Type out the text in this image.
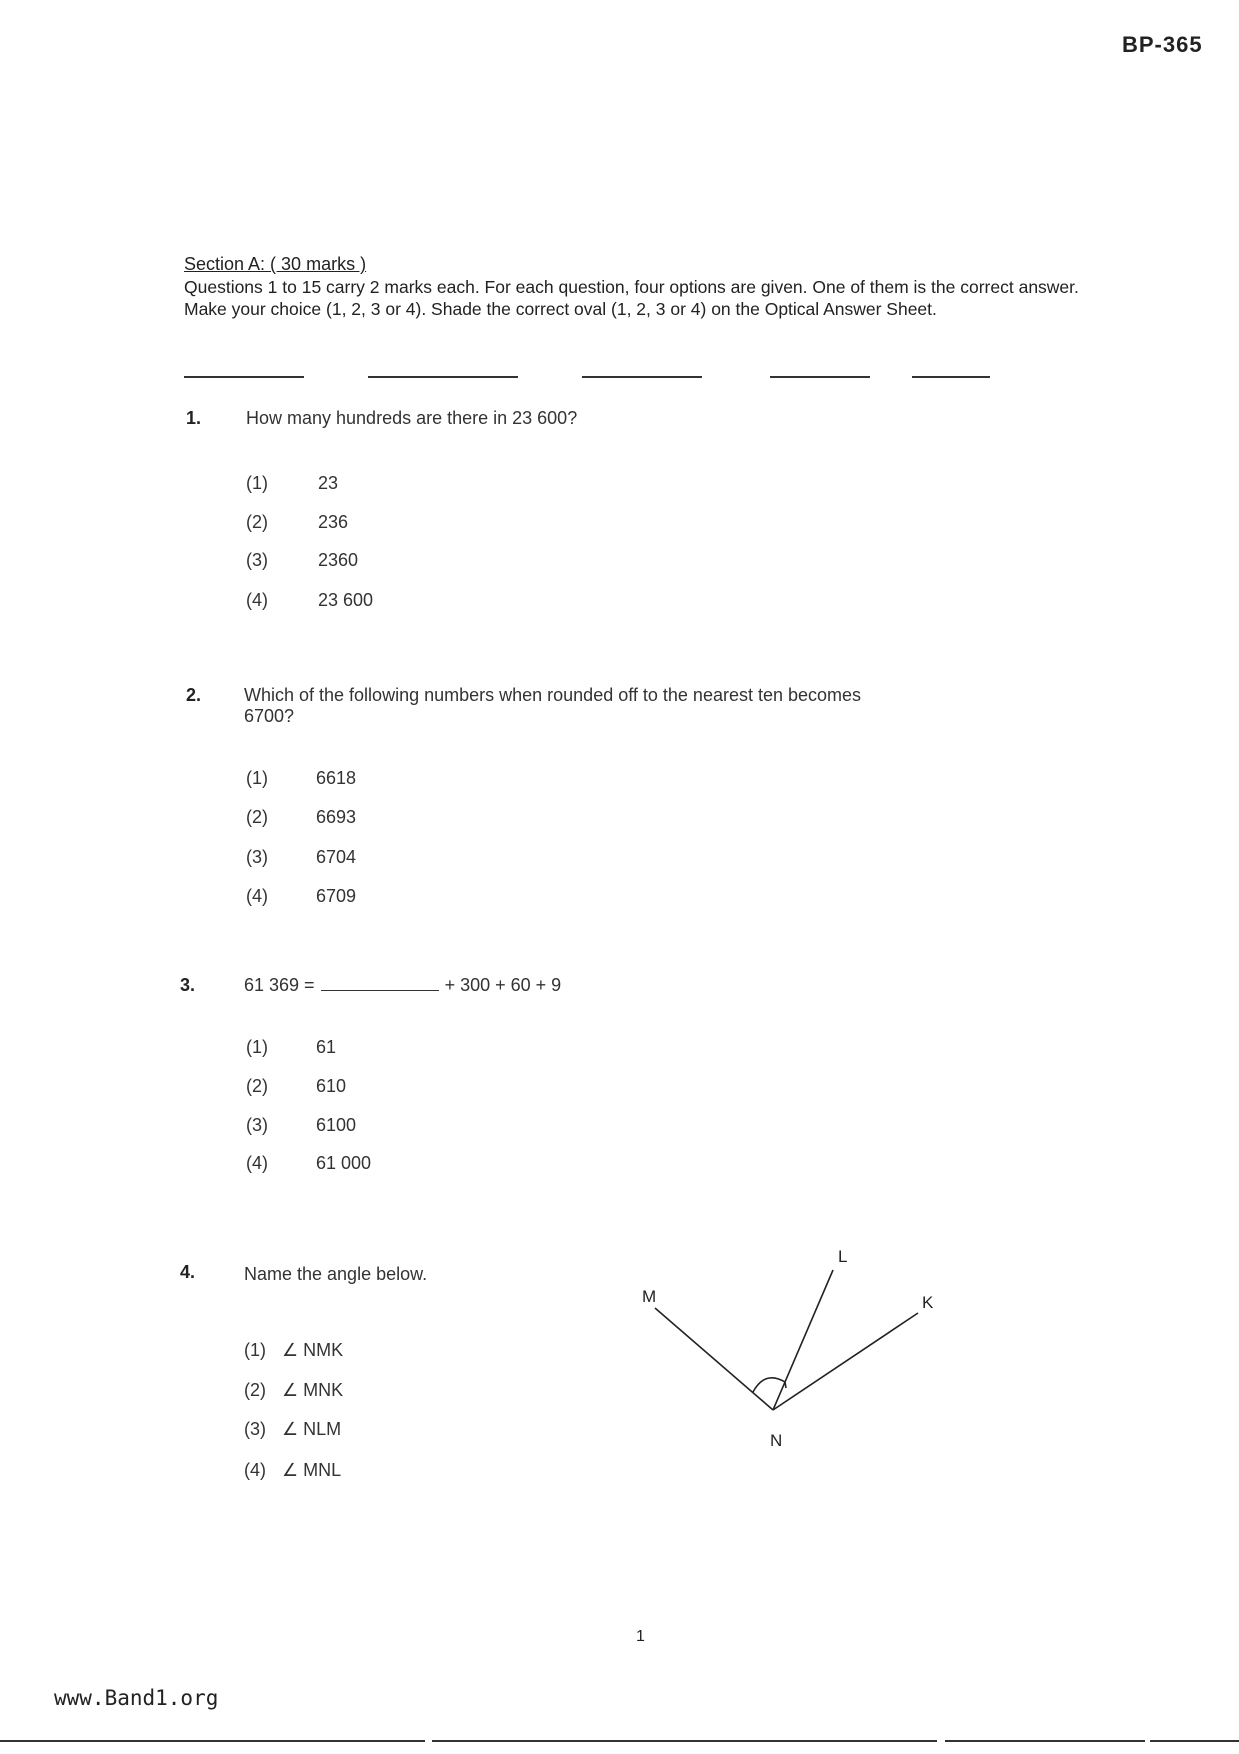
BP-365
Section A: ( 30 marks )
Questions 1 to 15 carry 2 marks each. For each question, four options are given. One of them is the correct answer. Make your choice (1, 2, 3 or 4). Shade the correct oval (1, 2, 3 or 4) on the Optical Answer Sheet.
1. How many hundreds are there in 23 600?
(1)	23
(2)	236
(3)	2360
(4)	23 600
2. Which of the following numbers when rounded off to the nearest ten becomes
6700?
(1)	6618
(2)	6693
(3)	6704
(4)	6709
3.	61 369 =	+ 300 + 60 + 9
(1)	61
(2)	610
(3)	6100
(4)	61 000
4.	Name the angle below.
(1) ∠ NMK
(2) ∠ MNK
(3) ∠ NLM
(4) ∠ MNL
M
L
K
N
1
www.Band1.org
